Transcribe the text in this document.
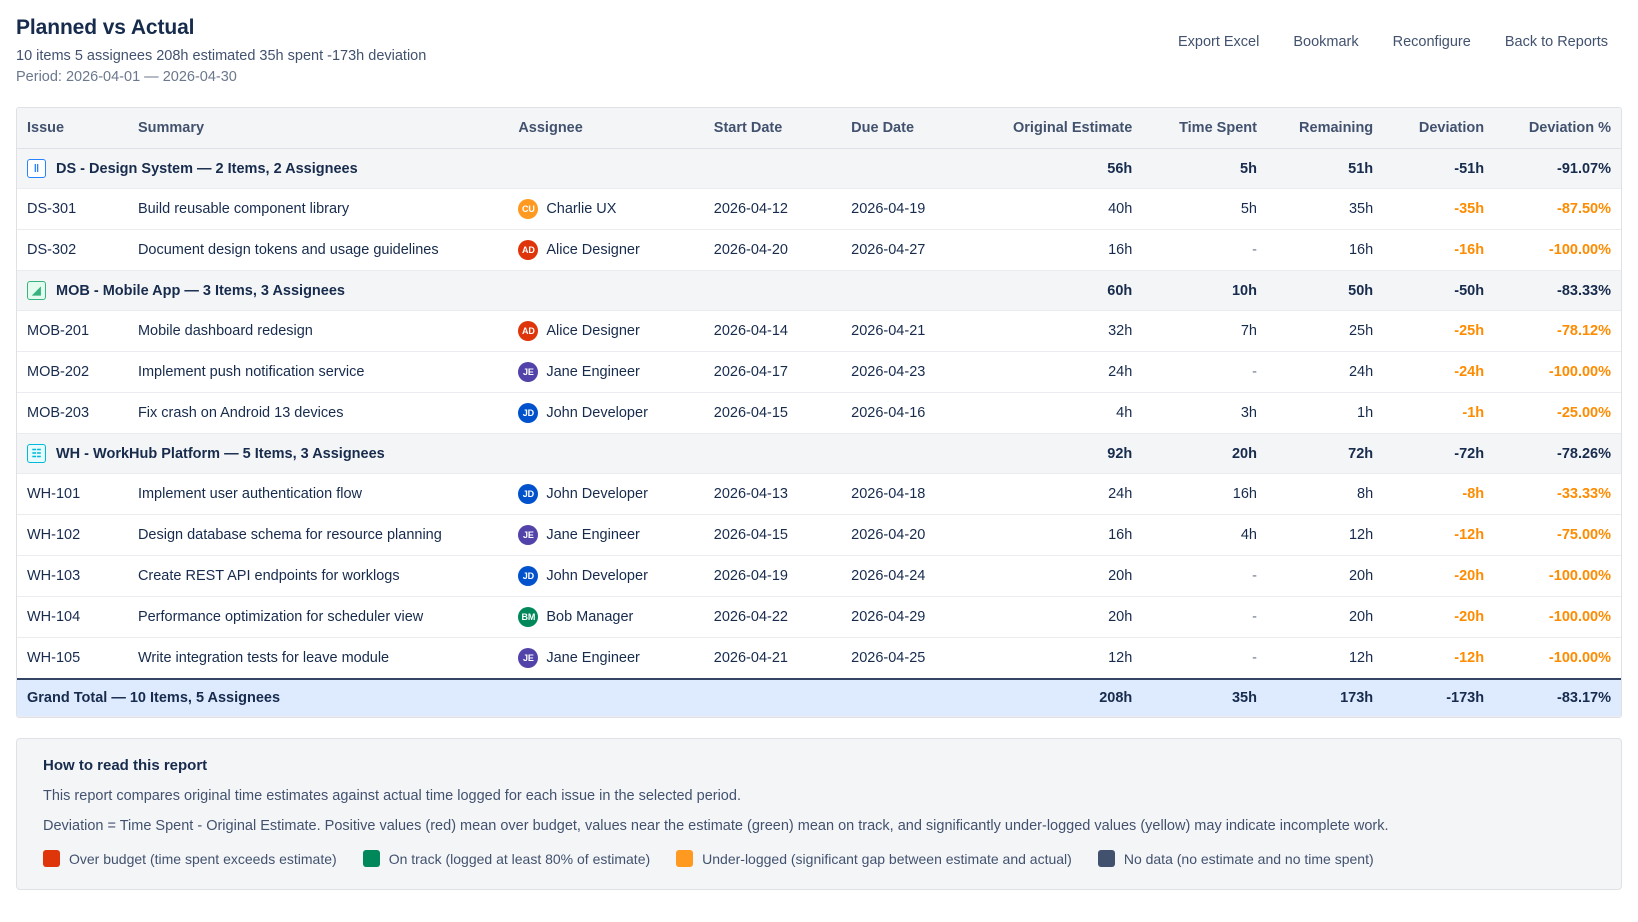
Planned vs Actual
10 items 5 assignees 208h estimated 35h spent -173h deviation
Period: 2026-04-01 — 2026-04-30
Export Excel Bookmark Reconfigure Back to Reports
Issue	Summary	Assignee	Start Date	Due Date	Original Estimate	Time Spent	Remaining	Deviation	Deviation %

‖ DS - Design System — 2 Items, 2 Assignees					56h	5h	51h	-51h	-91.07%
DS-301	Build reusable component library	CU Charlie UX	2026-04-12	2026-04-19	40h	5h	35h	-35h	-87.50%
DS-302	Document design tokens and usage guidelines	AD Alice Designer	2026-04-20	2026-04-27	16h	-	16h	-16h	-100.00%

◢ MOB - Mobile App — 3 Items, 3 Assignees					60h	10h	50h	-50h	-83.33%
MOB-201	Mobile dashboard redesign	AD Alice Designer	2026-04-14	2026-04-21	32h	7h	25h	-25h	-78.12%
MOB-202	Implement push notification service	JE Jane Engineer	2026-04-17	2026-04-23	24h	-	24h	-24h	-100.00%
MOB-203	Fix crash on Android 13 devices	JD John Developer	2026-04-15	2026-04-16	4h	3h	1h	-1h	-25.00%

☷ WH - WorkHub Platform — 5 Items, 3 Assignees					92h	20h	72h	-72h	-78.26%
WH-101	Implement user authentication flow	JD John Developer	2026-04-13	2026-04-18	24h	16h	8h	-8h	-33.33%
WH-102	Design database schema for resource planning	JE Jane Engineer	2026-04-15	2026-04-20	16h	4h	12h	-12h	-75.00%
WH-103	Create REST API endpoints for worklogs	JD John Developer	2026-04-19	2026-04-24	20h	-	20h	-20h	-100.00%
WH-104	Performance optimization for scheduler view	BM Bob Manager	2026-04-22	2026-04-29	20h	-	20h	-20h	-100.00%
WH-105	Write integration tests for leave module	JE Jane Engineer	2026-04-21	2026-04-25	12h	-	12h	-12h	-100.00%
Grand Total — 10 Items, 5 Assignees					208h	35h	173h	-173h	-83.17%
How to read this report
This report compares original time estimates against actual time logged for each issue in the selected period.
Deviation = Time Spent - Original Estimate. Positive values (red) mean over budget, values near the estimate (green) mean on track, and significantly under-logged values (yellow) may indicate incomplete work.
Over budget (time spent exceeds estimate)	On track (logged at least 80% of estimate)	Under-logged (significant gap between estimate and actual)	No data (no estimate and no time spent)
